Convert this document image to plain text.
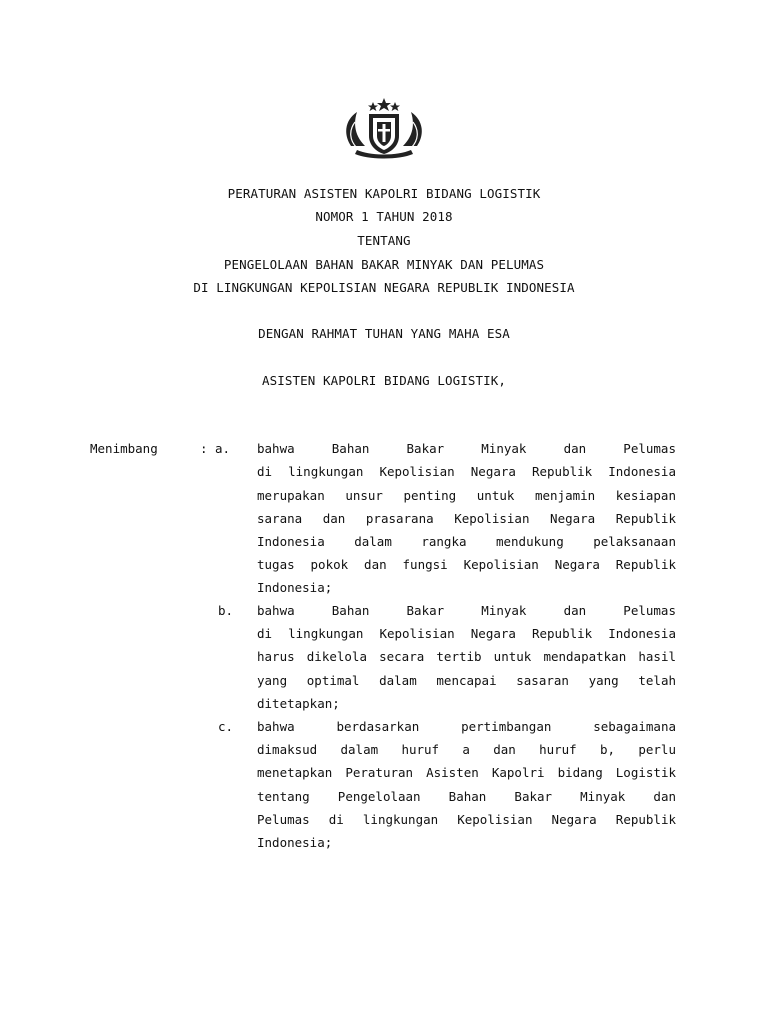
PERATURAN ASISTEN KAPOLRI BIDANG LOGISTIK
NOMOR 1 TAHUN 2018
TENTANG
PENGELOLAAN BAHAN BAKAR MINYAK DAN PELUMAS
DI LINGKUNGAN KEPOLISIAN NEGARA REPUBLIK INDONESIA
DENGAN RAHMAT TUHAN YANG MAHA ESA
ASISTEN KAPOLRI BIDANG LOGISTIK,
Menimbang	: a. bahwa Bahan Bakar Minyak dan Pelumas
di lingkungan Kepolisian Negara Republik Indonesia
merupakan unsur penting untuk menjamin kesiapan
sarana dan prasarana Kepolisian Negara Republik
Indonesia dalam rangka mendukung pelaksanaan
tugas pokok dan fungsi Kepolisian Negara Republik
Indonesia;
b. bahwa Bahan Bakar Minyak dan Pelumas
di lingkungan Kepolisian Negara Republik Indonesia
harus dikelola secara tertib untuk mendapatkan hasil
yang optimal dalam mencapai sasaran yang telah
ditetapkan;
c. bahwa berdasarkan pertimbangan sebagaimana
dimaksud dalam huruf a dan huruf b, perlu
menetapkan Peraturan Asisten Kapolri bidang Logistik
tentang Pengelolaan Bahan Bakar Minyak dan
Pelumas di lingkungan Kepolisian Negara Republik
Indonesia;
